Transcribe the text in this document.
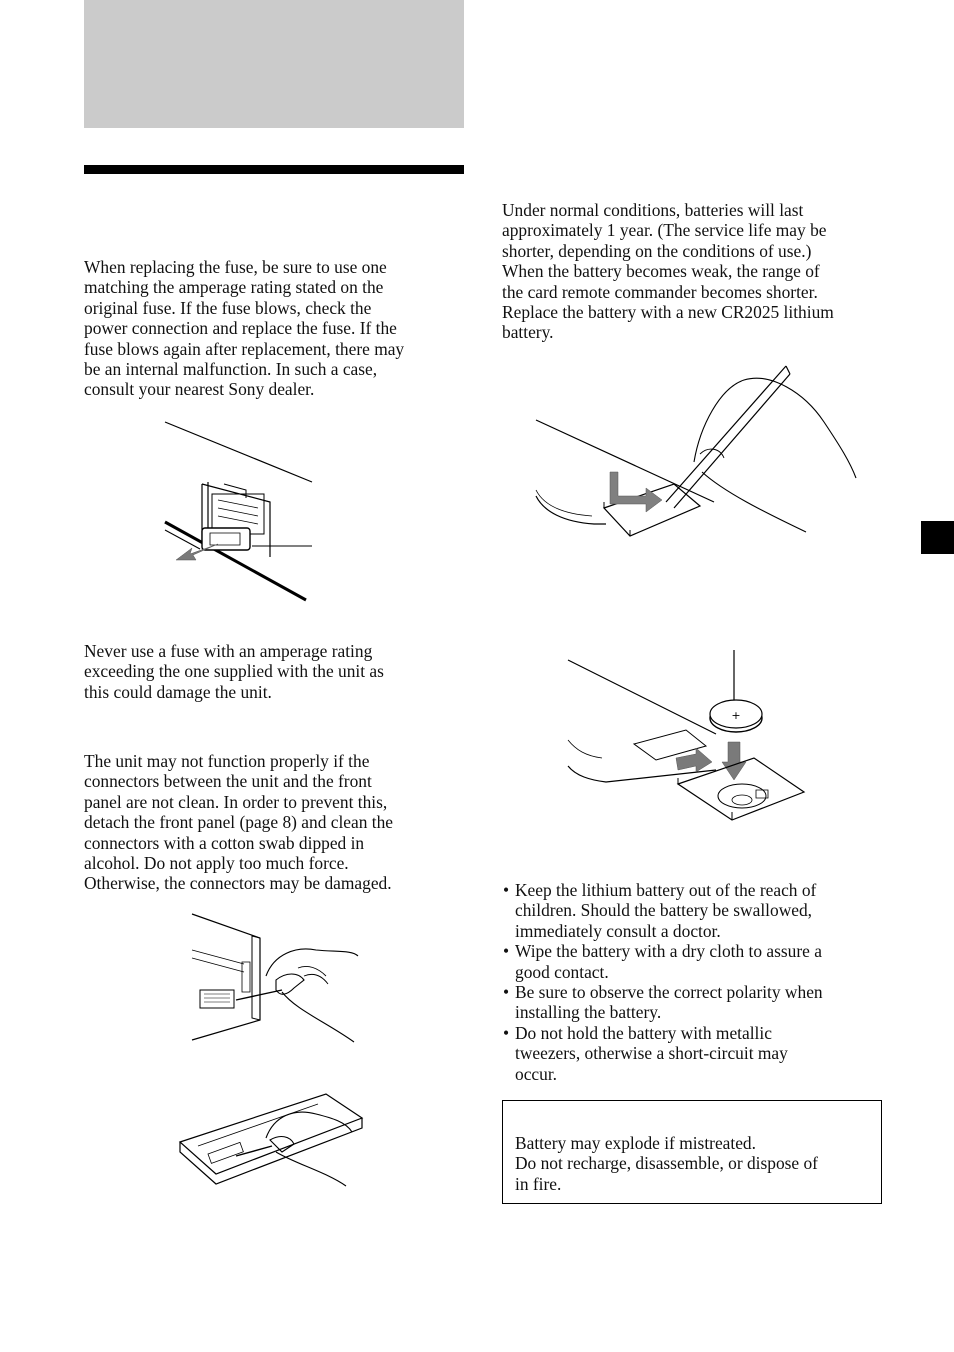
When replacing the fuse, be sure to use one
matching the amperage rating stated on the
original fuse. If the fuse blows, check the
power connection and replace the fuse. If the
fuse blows again after replacement, there may
be an internal malfunction. In such a case,
consult your nearest Sony dealer.

Never use a fuse with an amperage rating
exceeding the one supplied with the unit as
this could damage the unit.

The unit may not function properly if the
connectors between the unit and the front
panel are not clean. In order to prevent this,
detach the front panel (page 8) and clean the
connectors with a cotton swab dipped in
alcohol. Do not apply too much force.
Otherwise, the connectors may be damaged.

Under normal conditions, batteries will last
approximately 1 year. (The service life may be
shorter, depending on the conditions of use.)
When the battery becomes weak, the range of
the card remote commander becomes shorter.
Replace the battery with a new CR2025 lithium
battery.

+
• Keep the lithium battery out of the reach of
children. Should the battery be swallowed,
immediately consult a doctor.
• Wipe the battery with a dry cloth to assure a
good contact.
• Be sure to observe the correct polarity when
installing the battery.
• Do not hold the battery with metallic
tweezers, otherwise a short-circuit may
occur.

Battery may explode if mistreated.
Do not recharge, disassemble, or dispose of
in fire.
